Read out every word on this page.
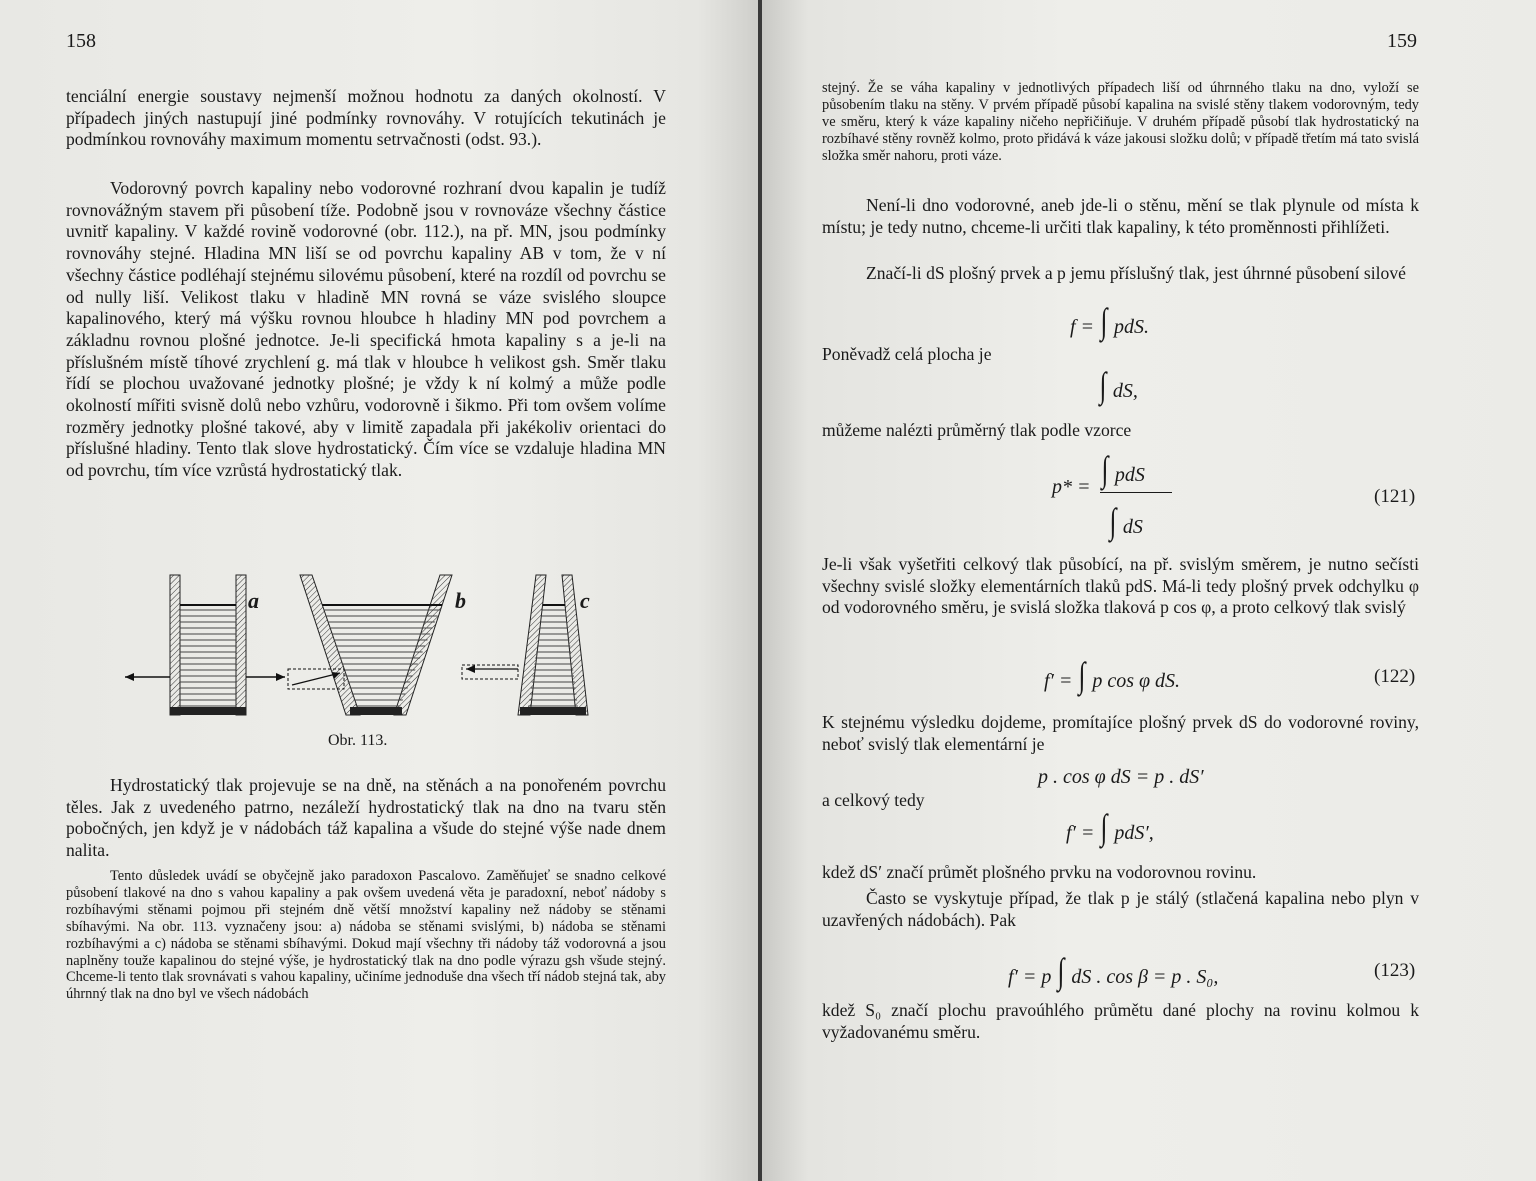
158

tenciální energie soustavy nejmenší možnou hodnotu za daných okolností. V případech jiných nastupují jiné podmínky rovnováhy. V rotujících tekutinách je podmínkou rovnováhy maximum momentu setrvačnosti (odst. 93.).

Vodorovný povrch kapaliny nebo vodorovné rozhraní dvou kapalin je tudíž rovnovážným stavem při působení tíže. Podobně jsou v rovnováze všechny částice uvnitř kapaliny. V každé rovině vodorovné (obr. 112.), na př. MN, jsou podmínky rovnováhy stejné. Hladina MN liší se od povrchu kapaliny AB v tom, že v ní všechny částice podléhají stejnému silovému působení, které na rozdíl od povrchu se od nully liší. Velikost tlaku v hladině MN rovná se váze svislého sloupce kapalinového, který má výšku rovnou hloubce h hladiny MN pod povrchem a základnu rovnou plošné jednotce. Je-li specifická hmota kapaliny s a je-li na příslušném místě tíhové zrychlení g. má tlak v hloubce h velikost gsh. Směr tlaku řídí se plochou uvažované jednotky plošné; je vždy k ní kolmý a může podle okolností mířiti svisně dolů nebo vzhůru, vodorovně i šikmo. Při tom ovšem volíme rozměry jednotky plošné takové, aby v limitě zapadala při jakékoliv orientaci do příslušné hladiny. Tento tlak slove hydrostatický. Čím více se vzdaluje hladina MN od povrchu, tím více vzrůstá hydrostatický tlak.

a	b	c
Obr. 113.

Hydrostatický tlak projevuje se na dně, na stěnách a na ponořeném povrchu těles. Jak z uvedeného patrno, nezáleží hydrostatický tlak na dno na tvaru stěn pobočných, jen když je v nádobách táž kapalina a všude do stejné výše nade dnem nalita.

Tento důsledek uvádí se obyčejně jako paradoxon Pascalovo. Zaměňujeť se snadno celkové působení tlakové na dno s vahou kapaliny a pak ovšem uvedená věta je paradoxní, neboť nádoby s rozbíhavými stěnami pojmou při stejném dně větší množství kapaliny než nádoby se stěnami sbíhavými. Na obr. 113. vyznačeny jsou: a) nádoba se stěnami svislými, b) nádoba se stěnami rozbíhavými a c) nádoba se stěnami sbíhavými. Dokud mají všechny tři nádoby táž vodorovná a jsou naplněny touže kapalinou do stejné výše, je hydrostatický tlak na dno podle výrazu gsh všude stejný. Chceme-li tento tlak srovnávati s vahou kapaliny, učiníme jednoduše dna všech tří nádob stejná tak, aby úhrnný tlak na dno byl ve všech nádobách

159

stejný. Že se váha kapaliny v jednotlivých případech liší od úhrnného tlaku na dno, vyloží se působením tlaku na stěny. V prvém případě působí kapalina na svislé stěny tlakem vodorovným, tedy ve směru, který k váze kapaliny ničeho nepřičiňuje. V druhém případě působí tlak hydrostatický na rozbíhavé stěny rovněž kolmo, proto přidává k váze jakousi složku dolů; v případě třetím má tato svislá složka směr nahoru, proti váze.

Není-li dno vodorovné, aneb jde-li o stěnu, mění se tlak plynule od místa k místu; je tedy nutno, chceme-li určiti tlak kapaliny, k této proměnnosti přihlížeti.

Značí-li dS plošný prvek a p jemu příslušný tlak, jest úhrnné působení silové

f = ∫ pdS.

Poněvadž celá plocha je

∫ dS,

můžeme nalézti průměrný tlak podle vzorce

p* = ∫ pdS
∫ dS
(121)

Je-li však vyšetřiti celkový tlak působící, na př. svislým směrem, je nutno sečísti všechny svislé složky elementárních tlaků pdS. Má-li tedy plošný prvek odchylku φ od vodorovného směru, je svislá složka tlaková p cos φ, a proto celkový tlak svislý

f′ = ∫ p cos φ dS.	(122)

K stejnému výsledku dojdeme, promítajíce plošný prvek dS do vodorovné roviny, neboť svislý tlak elementární je

p . cos φ dS = p . dS′

a celkový tedy

f′ = ∫ pdS′,

kdež dS′ značí průmět plošného prvku na vodorovnou rovinu.

Často se vyskytuje případ, že tlak p je stálý (stlačená kapalina nebo plyn v uzavřených nádobách). Pak

f′ = p ∫ dS . cos β = p . S₀,	(123)

kdež S₀ značí plochu pravoúhlého průmětu dané plochy na rovinu kolmou k vyžadovanému směru.
